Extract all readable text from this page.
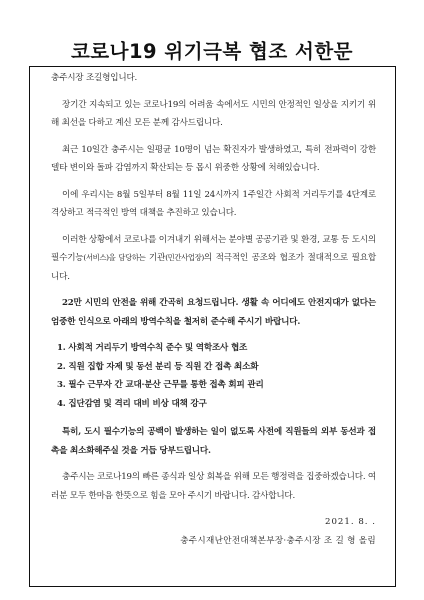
코로나19 위기극복 협조 서한문

충주시장 조길형입니다.

장기간 지속되고 있는 코로나19의 어려움 속에서도 시민의 안정적인 일상을 지키기 위해 최선을 다하고 계신 모든 분께 감사드립니다.

최근 10일간 충주시는 일평균 10명이 넘는 확진자가 발생하였고, 특히 전파력이 강한 델타 변이와 돌파 감염까지 확산되는 등 몹시 위중한 상황에 처해있습니다.

이에 우리시는 8월 5일부터 8월 11일 24시까지 1주일간 사회적 거리두기를 4단계로 격상하고 적극적인 방역 대책을 추진하고 있습니다.

이러한 상황에서 코로나를 이겨내기 위해서는 분야별 공공기관 및 환경, 교통 등 도시의 필수기능(서비스)을 담당하는 기관(민간사업장)의 적극적인 공조와 협조가 절대적으로 필요합니다.

22만 시민의 안전을 위해 간곡히 요청드립니다. 생활 속 어디에도 안전지대가 없다는 엄중한 인식으로 아래의 방역수칙을 철저히 준수해 주시기 바랍니다.

1. 사회적 거리두기 방역수칙 준수 및 역학조사 협조
2. 직원 집합 자제 및 동선 분리 등 직원 간 접촉 최소화
3. 필수 근무자 간 교대·분산 근무를 통한 접촉 회피 관리
4. 집단감염 및 격리 대비 비상 대책 강구

특히, 도시 필수기능의 공백이 발생하는 일이 없도록 사전에 직원들의 외부 동선과 접촉을 최소화해주실 것을 거듭 당부드립니다.

충주시는 코로나19의 빠른 종식과 일상 회복을 위해 모든 행정력을 집중하겠습니다. 여러분 모두 한마음 한뜻으로 힘을 모아 주시기 바랍니다. 감사합니다.

2021. 8. .

충주시재난안전대책본부장·충주시장 조 길 형 올림
